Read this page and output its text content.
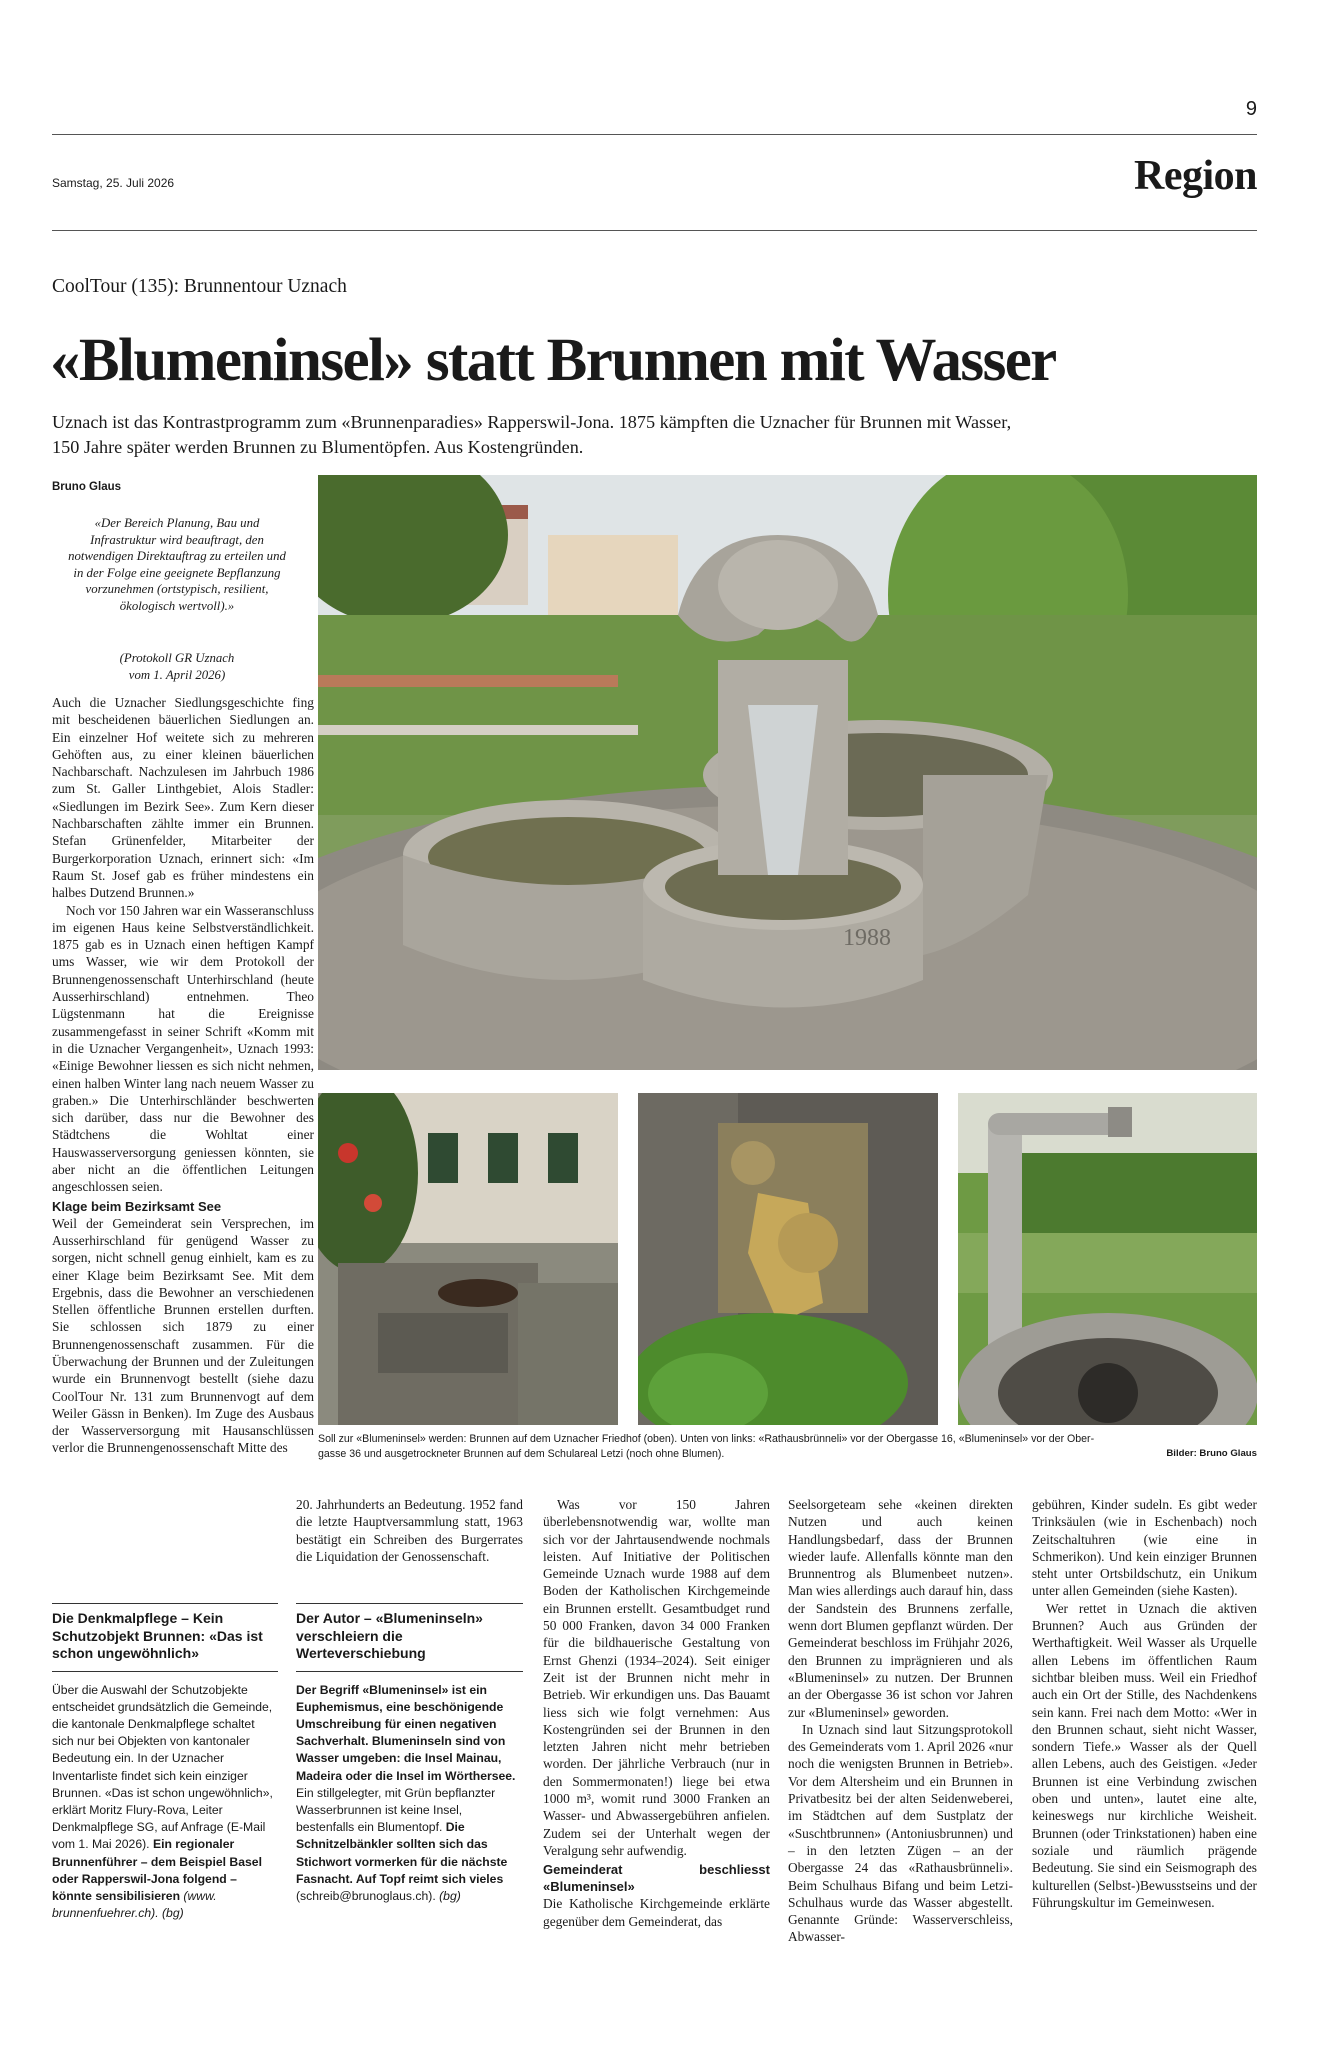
9
Samstag, 25. Juli 2026	Region
CoolTour (135): Brunnentour Uznach
«Blumeninsel» statt Brunnen mit Wasser
Uznach ist das Kontrastprogramm zum «Brunnenparadies» Rapperswil-Jona. 1875 kämpften die Uznacher für Brunnen mit Wasser,
150 Jahre später werden Brunnen zu Blumentöpfen. Aus Kostengründen.
Bruno Glaus
«Der Bereich Planung, Bau und Infrastruktur wird beauftragt, den notwendigen Direktauftrag zu erteilen und in der Folge eine geeignete Bepflanzung vorzunehmen (ortstypisch, resilient, ökologisch wertvoll).»
(Protokoll GR Uznach
vom 1. April 2026)

Auch die Uznacher Siedlungsgeschichte fing mit bescheidenen bäuerlichen Siedlungen an. Ein einzelner Hof weitete sich zu mehreren Gehöften aus, zu einer kleinen bäuerlichen Nachbarschaft. Nachzulesen im Jahrbuch 1986 zum St. Galler Linthgebiet, Alois Stadler: «Siedlungen im Bezirk See». Zum Kern dieser Nachbarschaften zählte immer ein Brunnen. Stefan Grünenfelder, Mitarbeiter der Burgerkorporation Uznach, erinnert sich: «Im Raum St. Josef gab es früher mindestens ein halbes Dutzend Brunnen.»

Noch vor 150 Jahren war ein Wasseranschluss im eigenen Haus keine Selbstverständlichkeit. 1875 gab es in Uznach einen heftigen Kampf ums Wasser, wie wir dem Protokoll der Brunnengenossenschaft Unterhirschland (heute Ausserhirschland) entnehmen. Theo Lügstenmann hat die Ereignisse zusammengefasst in seiner Schrift «Komm mit in die Uznacher Vergangenheit», Uznach 1993: «Einige Bewohner liessen es sich nicht nehmen, einen halben Winter lang nach neuem Wasser zu graben.» Die Unterhirschländer beschwerten sich darüber, dass nur die Bewohner des Städtchens die Wohltat einer Hauswasserversorgung geniessen könnten, sie aber nicht an die öffentlichen Leitungen angeschlossen seien.

Klage beim Bezirksamt See

Weil der Gemeinderat sein Versprechen, im Ausserhirschland für genügend Wasser zu sorgen, nicht schnell genug einhielt, kam es zu einer Klage beim Bezirksamt See. Mit dem Ergebnis, dass die Bewohner an verschiedenen Stellen öffentliche Brunnen erstellen durften. Sie schlossen sich 1879 zu einer Brunnengenossenschaft zusammen. Für die Überwachung der Brunnen und der Zuleitungen wurde ein Brunnenvogt bestellt (siehe dazu CoolTour Nr. 131 zum Brunnenvogt auf dem Weiler Gässn in Benken). Im Zuge des Ausbaus der Wasserversorgung mit Hausanschlüssen verlor die Brunnengenossenschaft Mitte des

1988
Soll zur «Blumeninsel» werden: Brunnen auf dem Uznacher Friedhof (oben). Unten von links: «Rathausbrünneli» vor der Obergasse 16, «Blumeninsel» vor der Ober-
gasse 36 und ausgetrockneter Brunnen auf dem Schulareal Letzi (noch ohne Blumen).	Bilder: Bruno Glaus

20. Jahrhunderts an Bedeutung. 1952 fand die letzte Hauptversammlung statt, 1963 bestätigt ein Schreiben des Burgerrates die Liquidation der Genossenschaft.

Was vor 150 Jahren überlebensnotwendig war, wollte man sich vor der Jahrtausendwende nochmals leisten. Auf Initiative der Politischen Gemeinde Uznach wurde 1988 auf dem Boden der Katholischen Kirchgemeinde ein Brunnen erstellt. Gesamtbudget rund 50 000 Franken, davon 34 000 Franken für die bildhauerische Gestaltung von Ernst Ghenzi (1934–2024). Seit einiger Zeit ist der Brunnen nicht mehr in Betrieb. Wir erkundigen uns. Das Bauamt liess sich wie folgt vernehmen: Aus Kostengründen sei der Brunnen in den letzten Jahren nicht mehr betrieben worden. Der jährliche Verbrauch (nur in den Sommermonaten!) liege bei etwa 1000 m³, womit rund 3000 Franken an Wasser- und Abwassergebühren anfielen. Zudem sei der Unterhalt wegen der Veralgung sehr aufwendig.

Gemeinderat beschliesst «Blumeninsel»

Die Katholische Kirchgemeinde erklärte gegenüber dem Gemeinderat, das

Seelsorgeteam sehe «keinen direkten Nutzen und auch keinen Handlungsbedarf, dass der Brunnen wieder laufe. Allenfalls könnte man den Brunnentrog als Blumenbeet nutzen». Man wies allerdings auch darauf hin, dass der Sandstein des Brunnens zerfalle, wenn dort Blumen gepflanzt würden. Der Gemeinderat beschloss im Frühjahr 2026, den Brunnen zu imprägnieren und als «Blumeninsel» zu nutzen. Der Brunnen an der Obergasse 36 ist schon vor Jahren zur «Blumeninsel» geworden.

In Uznach sind laut Sitzungsprotokoll des Gemeinderats vom 1. April 2026 «nur noch die wenigsten Brunnen in Betrieb». Vor dem Altersheim und ein Brunnen in Privatbesitz bei der alten Seidenweberei, im Städtchen auf dem Sustplatz der «Suschtbrunnen» (Antoniusbrunnen) und – in den letzten Zügen – an der Obergasse 24 das «Rathausbrünneli». Beim Schulhaus Bifang und beim Letzi-Schulhaus wurde das Wasser abgestellt. Genannte Gründe: Wasserverschleiss, Abwasser-

gebühren, Kinder sudeln. Es gibt weder Trinksäulen (wie in Eschenbach) noch Zeitschaltuhren (wie eine in Schmerikon). Und kein einziger Brunnen steht unter Ortsbildschutz, ein Unikum unter allen Gemeinden (siehe Kasten).

Wer rettet in Uznach die aktiven Brunnen? Auch aus Gründen der Werthaftigkeit. Weil Wasser als Urquelle allen Lebens im öffentlichen Raum sichtbar bleiben muss. Weil ein Friedhof auch ein Ort der Stille, des Nachdenkens sein kann. Frei nach dem Motto: «Wer in den Brunnen schaut, sieht nicht Wasser, sondern Tiefe.» Wasser als der Quell allen Lebens, auch des Geistigen. «Jeder Brunnen ist eine Verbindung zwischen oben und unten», lautet eine alte, keineswegs nur kirchliche Weisheit. Brunnen (oder Trinkstationen) haben eine soziale und räumlich prägende Bedeutung. Sie sind ein Seismograph des kulturellen (Selbst-)Bewusstseins und der Führungskultur im Gemeinwesen.

Die Denkmalpflege – Kein Schutzobjekt Brunnen: «Das ist schon ungewöhnlich»
Über die Auswahl der Schutzobjekte entscheidet grundsätzlich die Gemeinde, die kantonale Denkmalpflege schaltet sich nur bei Objekten von kantonaler Bedeutung ein. In der Uznacher Inventarliste findet sich kein einziger Brunnen. «Das ist schon ungewöhnlich», erklärt Moritz Flury-Rova, Leiter Denkmalpflege SG, auf Anfrage (E-Mail vom 1. Mai 2026). Ein regionaler Brunnenführer – dem Beispiel Basel oder Rapperswil-Jona folgend – könnte sensibilisieren (www. brunnenfuehrer.ch). (bg)
Der Autor – «Blumeninseln» verschleiern die Werteverschiebung
Der Begriff «Blumeninsel» ist ein Euphemismus, eine beschönigende Umschreibung für einen negativen Sachverhalt. Blumeninseln sind von Wasser umgeben: die Insel Mainau, Madeira oder die Insel im Wörthersee. Ein stillgelegter, mit Grün bepflanzter Wasserbrunnen ist keine Insel, bestenfalls ein Blumentopf. Die Schnitzelbänkler sollten sich das Stichwort vormerken für die nächste Fasnacht. Auf Topf reimt sich vieles (schreib@brunoglaus.ch). (bg)
